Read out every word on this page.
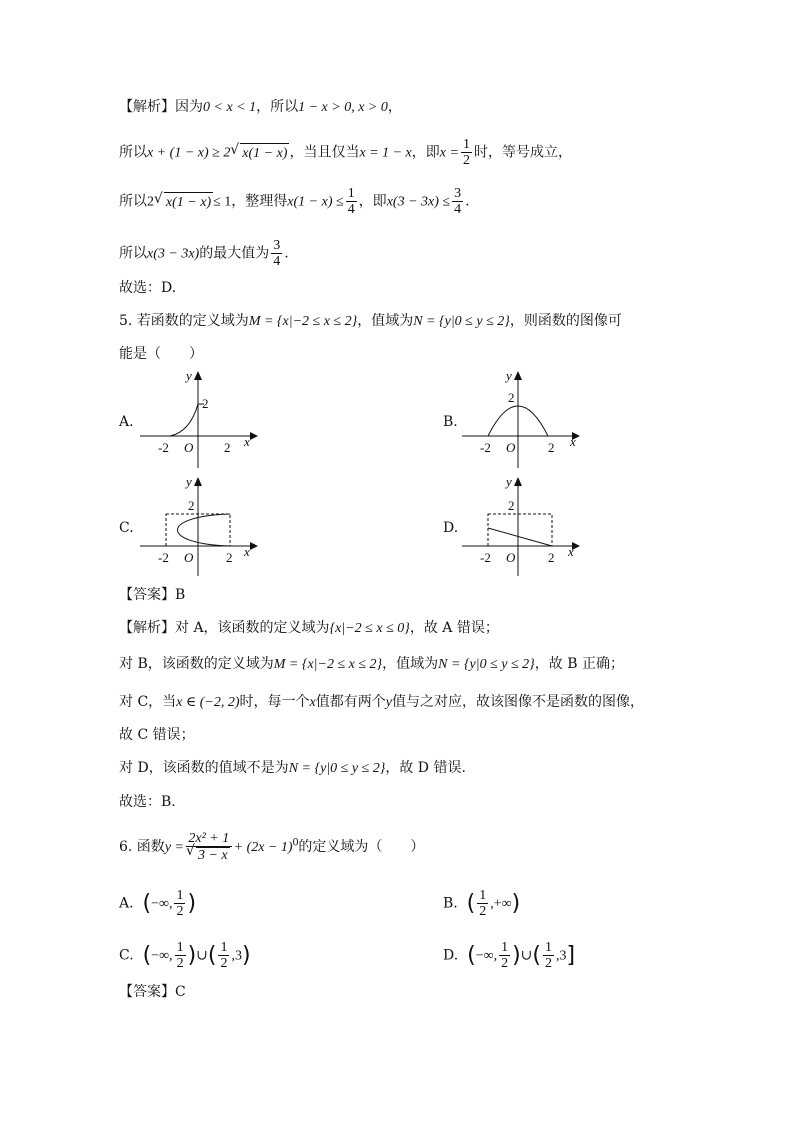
【解析】因为0 < x < 1，所以1 − x > 0, x > 0，
所以x + (1 − x) ≥ 2 √ x(1 − x) ，当且仅当x = 1 − x，即$x = \frac{1}{2}$ 时，等号成立，
所以2 √ x(1 − x) ≤ 1，整理得$x(1 - x) \le \frac{1}{4}$ ，即$x(3 - 3x) \le \frac{3}{4}$ .
所以x(3 − 3x)的最大值为 $\frac{3}{4}$ .
故选：D.
5. 若函数的定义域为M = {x|−2 ≤ x ≤ 2}，值域为N = {y|0 ≤ y ≤ 2}，则函数的图像可
能是（　　）
A.	B.
C.	D.
y
2
-2 O 2 x
y
2
-2 O	2 x
y
2
-2 O	2 x
y
2
-2 O	2 x
【答案】B
【解析】对 A，该函数的定义域为{x|−2 ≤ x ≤ 0}，故 A 错误；
对 B，该函数的定义域为M = {x|−2 ≤ x ≤ 2}，值域为N = {y|0 ≤ y ≤ 2}，故 B 正确；
对 C，当x ∈ (−2, 2)时，每一个x值都有两个y值与之对应，故该图像不是函数的图像，
故 C 错误；
对 D，该函数的值域不是为N = {y|0 ≤ y ≤ 2}，故 D 错误.
故选：B.
6. 函数y = 2x² + 1
√ $3 - x + (2x - 1)^0$的定义域为（　　）
A. (−∞, $\frac{1}{2}$ )	B. ( $\frac{1}{2}$ ,+∞)
C. (−∞, $\frac{1}{2}$ )∪( $\frac{1}{2} ,3$)	D. (−∞, $\frac{1}{2}$ )∪( $\frac{1}{2} ,3$]
【答案】C
